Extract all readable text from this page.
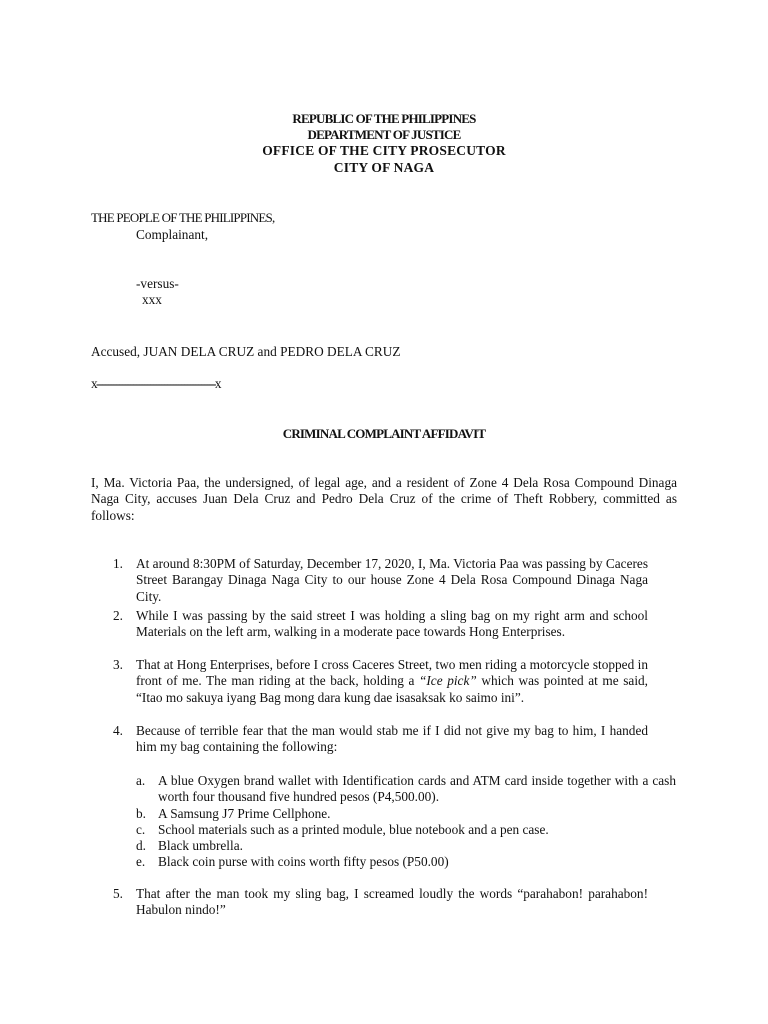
REPUBLIC OF THE PHILIPPINES
DEPARTMENT OF JUSTICE
OFFICE OF THE CITY PROSECUTOR
CITY OF NAGA
THE PEOPLE OF THE PHILIPPINES,
Complainant,
-versus-
xxx
Accused, JUAN DELA CRUZ and PEDRO DELA CRUZ
x------------------------------------------x
CRIMINAL COMPLAINT AFFIDAVIT
I, Ma. Victoria Paa, the undersigned, of legal age, and a resident of Zone 4 Dela Rosa Compound Dinaga Naga City, accuses Juan Dela Cruz and Pedro Dela Cruz of the crime of Theft Robbery, committed as follows:
1. At around 8:30PM of Saturday, December 17, 2020, I, Ma. Victoria Paa was passing by Caceres Street Barangay Dinaga Naga City to our house Zone 4 Dela Rosa Compound Dinaga Naga City.
2. While I was passing by the said street I was holding a sling bag on my right arm and school Materials on the left arm, walking in a moderate pace towards Hong Enterprises.
3. That at Hong Enterprises, before I cross Caceres Street, two men riding a motorcycle stopped in front of me. The man riding at the back, holding a “Ice pick” which was pointed at me said, “Itao mo sakuya iyang Bag mong dara kung dae isasaksak ko saimo ini”.
4. Because of terrible fear that the man would stab me if I did not give my bag to him, I handed him my bag containing the following:
a. A blue Oxygen brand wallet with Identification cards and ATM card inside together with a cash worth four thousand five hundred pesos (P4,500.00).
b. A Samsung J7 Prime Cellphone.
c. School materials such as a printed module, blue notebook and a pen case.
d. Black umbrella.
e. Black coin purse with coins worth fifty pesos (P50.00)
5. That after the man took my sling bag, I screamed loudly the words “parahabon! parahabon! Habulon nindo!”
